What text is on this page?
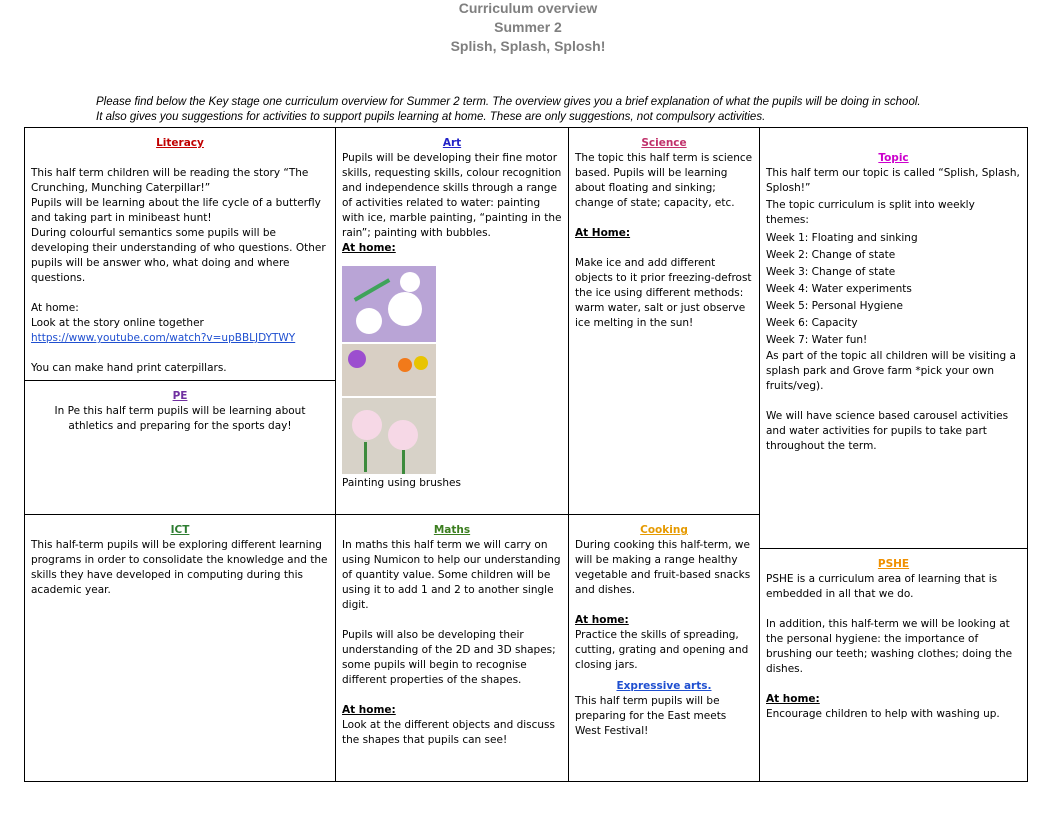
Curriculum overview
Summer 2
Splish, Splash, Splosh!
Please find below the Key stage one curriculum overview for Summer 2 term. The overview gives you a brief explanation of what the pupils will be doing in school.
It also gives you suggestions for activities to support pupils learning at home. These are only suggestions, not compulsory activities.

Literacy

This half term children will be reading the story “The Crunching, Munching Caterpillar!”

Pupils will be learning about the life cycle of a butterfly and taking part in minibeast hunt!

During colourful semantics some pupils will be developing their understanding of who questions. Other pupils will be answer who, what doing and where questions.

At home:

Look at the story online together

https://www.youtube.com/watch?v=upBBLJDYTWY

You can make hand print caterpillars.

PE

In Pe this half term pupils will be learning about athletics and preparing for the sports day!

Art

Pupils will be developing their fine motor skills, requesting skills, colour recognition and independence skills through a range of activities related to water: painting with ice, marble painting, “painting in the rain”; painting with bubbles.

At home:

Painting using brushes

Science

The topic this half term is science based. Pupils will be learning about floating and sinking; change of state; capacity, etc.

At Home:

Make ice and add different objects to it prior freezing-defrost the ice using different methods: warm water, salt or just observe ice melting in the sun!

Topic

This half term our topic is called “Splish, Splash, Splosh!”

The topic curriculum is split into weekly themes:

Week 1: Floating and sinking

Week 2: Change of state

Week 3: Change of state

Week 4: Water experiments

Week 5: Personal Hygiene

Week 6: Capacity

Week 7: Water fun!

As part of the topic all children will be visiting a splash park and Grove farm *pick your own fruits/veg).

We will have science based carousel activities and water activities for pupils to take part throughout the term.

ICT

This half-term pupils will be exploring different learning programs in order to consolidate the knowledge and the skills they have developed in computing during this academic year.

Maths

In maths this half term we will carry on using Numicon to help our understanding of quantity value. Some children will be using it to add 1 and 2 to another single digit.

Pupils will also be developing their understanding of the 2D and 3D shapes; some pupils will begin to recognise different properties of the shapes.

At home:

Look at the different objects and discuss the shapes that pupils can see!

Cooking

During cooking this half-term, we will be making a range healthy vegetable and fruit-based snacks and dishes.

At home:

Practice the skills of spreading, cutting, grating and opening and closing jars.

Expressive arts.

This half term pupils will be preparing for the East meets West Festival!

PSHE

PSHE is a curriculum area of learning that is embedded in all that we do.

In addition, this half-term we will be looking at the personal hygiene: the importance of brushing our teeth; washing clothes; doing the dishes.

At home:

Encourage children to help with washing up.
